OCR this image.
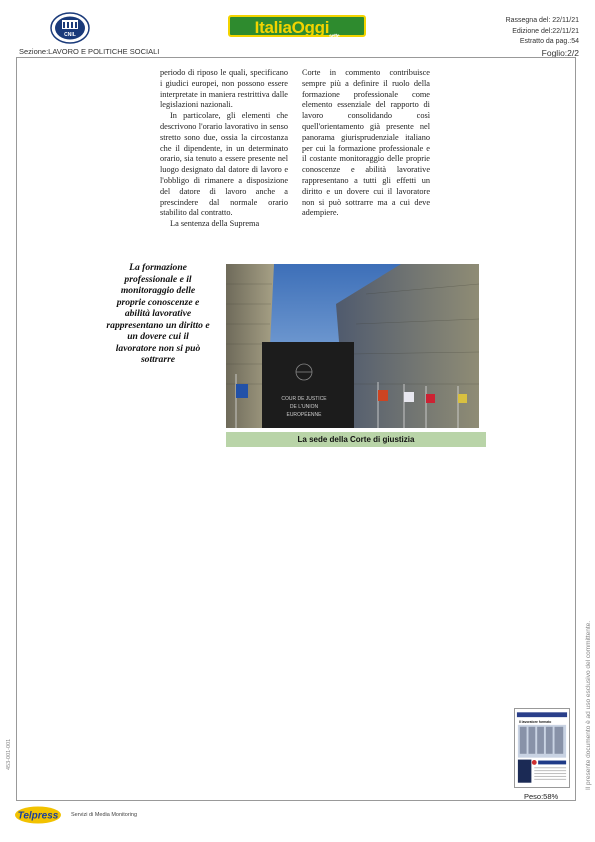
CNIL	ItaliaOggi$_{sette}$
Sezione:LAVORO E POLITICHE SOCIALI
Rassegna del: 22/11/21
Edizione del:22/11/21
Estratto da pag.:54
Foglio:2/2

periodo di riposo le quali, specificano i giudici europei, non possono essere interpretate in maniera restrittiva dalle legislazioni nazionali.

In particolare, gli elementi che descrivono l'orario lavorativo in senso stretto sono due, ossia la circostanza che il dipendente, in un determinato orario, sia tenuto a essere presente nel luogo designato dal datore di lavoro e l'obbligo di rimanere a disposizione del datore di lavoro anche a prescindere dal normale orario stabilito dal contratto.

La sentenza della Suprema

Corte in commento contribuisce sempre più a definire il ruolo della formazione professionale come elemento essenziale del rapporto di lavoro consolidando così quell'orientamento già presente nel panorama giurisprudenziale italiano per cui la formazione professionale e il costante monitoraggio delle proprie conoscenze e abilità lavorative rappresentano a tutti gli effetti un diritto e un dovere cui il lavoratore non si può sottrarre ma a cui deve adempiere.

La formazione professionale e il monitoraggio delle proprie conoscenze e abilità lavorative rappresentano un diritto e un dovere cui il lavoratore non si può sottrarre
COUR DE JUSTICE
DE L'UNION
EUROPÉENNE
La sede della Corte di giustizia
Il presente documento è ad uso esclusivo del committente.
453-001-001
Il lavoratore formato
Peso:58%
Telpress Servizi di Media Monitoring
